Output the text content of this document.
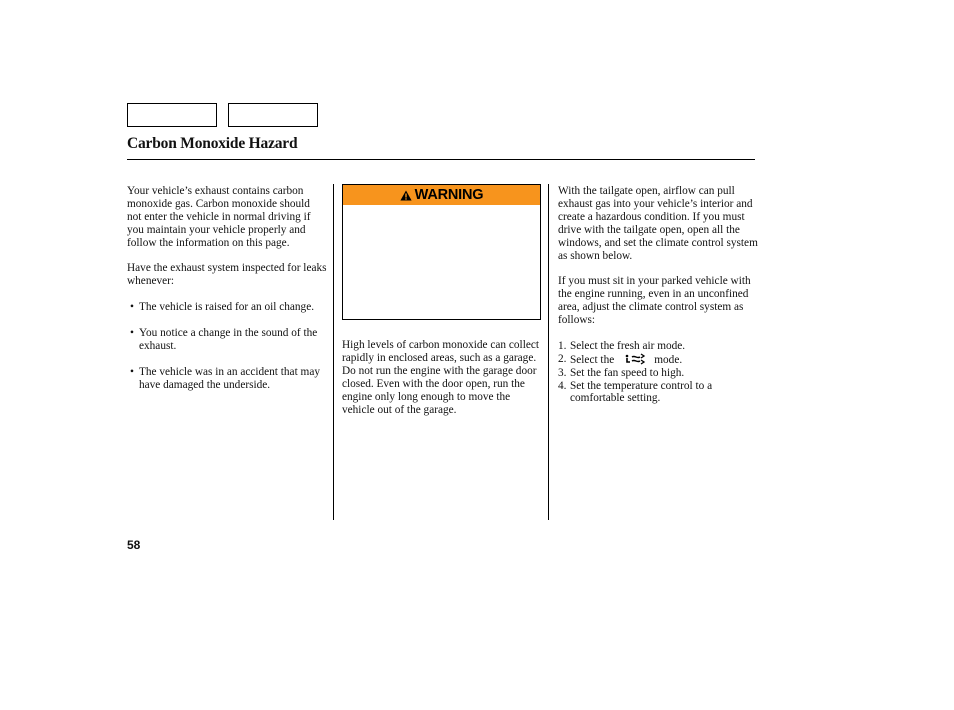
Carbon Monoxide Hazard

Your vehicle’s exhaust contains carbon monoxide gas. Carbon monoxide should not enter the vehicle in normal driving if you maintain your vehicle properly and follow the information on this page.

Have the exhaust system inspected for leaks whenever:

• The vehicle is raised for an oil change.
• You notice a change in the sound of the exhaust.
• The vehicle was in an accident that may have damaged the underside.
WARNING

High levels of carbon monoxide can collect rapidly in enclosed areas, such as a garage. Do not run the engine with the garage door closed. Even with the door open, run the engine only long enough to move the vehicle out of the garage.

With the tailgate open, airflow can pull exhaust gas into your vehicle’s interior and create a hazardous condition. If you must drive with the tailgate open, open all the windows, and set the climate control system as shown below.

If you must sit in your parked vehicle with the engine running, even in an unconfined area, adjust the climate control system as follows:

1. Select the fresh air mode.
2. Select the	mode.
3. Set the fan speed to high.
4. Set the temperature control to a comfortable setting.
58
